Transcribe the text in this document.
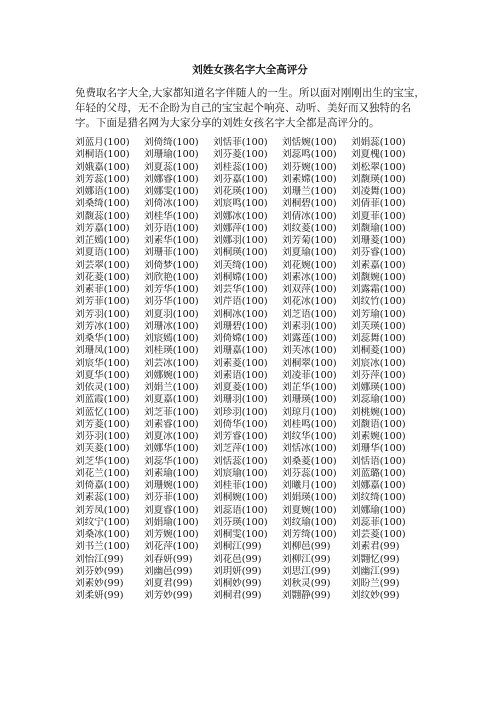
刘姓女孩名字大全高评分

免费取名字大全,大家都知道名字伴随人的一生。所以面对刚刚出生的宝宝，年轻的父母，无不企盼为自己的宝宝起个响亮、动听、美好而又独特的名字。下面是猎名网为大家分享的刘姓女孩名字大全都是高评分的。

刘蓝月(100)	刘倚绮(100)	刘恬菲(100)	刘恬婉(100)	刘娟蕊(100)
刘桐语(100)	刘珊瑜(100)	刘芬菱(100)	刘蕊鸣(100)	刘夏槐(100)
刘娥嘉(100)	刘夏蕊(100)	刘桂蕊(100)	刘芬婉(100)	刘松翠(100)
刘芳蕊(100)	刘娜睿(100)	刘芬嘉(100)	刘素嫦(100)	刘馥瑛(100)
刘娜语(100)	刘娜雯(100)	刘花瑛(100)	刘珊兰(100)	刘凌舞(100)
刘桑绮(100)	刘倚冰(100)	刘宸鸣(100)	刘桐碧(100)	刘倩菲(100)
刘馥蕊(100)	刘桂华(100)	刘娜冰(100)	刘倩冰(100)	刘夏菲(100)
刘芳嘉(100)	刘芬语(100)	刘娜萍(100)	刘纹菱(100)	刘馥瑜(100)
刘芷嫣(100)	刘素华(100)	刘娜羽(100)	刘芳菊(100)	刘珊菱(100)
刘夏语(100)	刘珊菲(100)	刘桐瑛(100)	刘夏瑜(100)	刘芬睿(100)
刘芸翠(100)	刘倚梦(100)	刘芙绮(100)	刘花婉(100)	刘素嘉(100)
刘花菱(100)	刘欣艳(100)	刘桐嫦(100)	刘素冰(100)	刘馥婉(100)
刘素菲(100)	刘芳华(100)	刘芸华(100)	刘双萍(100)	刘露霜(100)
刘芳菲(100)	刘芬华(100)	刘芹语(100)	刘花冰(100)	刘纹竹(100)
刘芳羽(100)	刘夏羽(100)	刘桐冰(100)	刘芝语(100)	刘芳瑜(100)
刘芳冰(100)	刘珊冰(100)	刘珊碧(100)	刘素羽(100)	刘芙瑛(100)
刘桑华(100)	刘宸嫣(100)	刘倚嫦(100)	刘露莲(100)	刘蕊舞(100)
刘珊凤(100)	刘桂瑛(100)	刘珊嘉(100)	刘芙冰(100)	刘桐菱(100)
刘宸华(100)	刘芸冰(100)	刘素菱(100)	刘桐翠(100)	刘宸冰(100)
刘夏华(100)	刘娜婉(100)	刘素语(100)	刘凌菲(100)	刘芬萍(100)
刘依灵(100)	刘娟兰(100)	刘夏菱(100)	刘芷华(100)	刘娜瑛(100)
刘蓝霞(100)	刘夏嘉(100)	刘珊羽(100)	刘珊瑛(100)	刘蕊瑜(100)
刘蓝忆(100)	刘芝菲(100)	刘珍羽(100)	刘琼月(100)	刘桃婉(100)
刘芳菱(100)	刘素睿(100)	刘倚华(100)	刘桂鸣(100)	刘馥语(100)
刘芬羽(100)	刘夏冰(100)	刘芳睿(100)	刘纹华(100)	刘素婉(100)
刘芙菱(100)	刘娜华(100)	刘芝萍(100)	刘恬冰(100)	刘珊华(100)
刘芝华(100)	刘蕊华(100)	刘恬蕊(100)	刘桑菱(100)	刘恬语(100)
刘花兰(100)	刘素瑜(100)	刘宸瑜(100)	刘芬蕊(100)	刘蓝璐(100)
刘倚嘉(100)	刘珊婉(100)	刘桂菲(100)	刘曦月(100)	刘娜嘉(100)
刘素蕊(100)	刘芬菲(100)	刘桐婉(100)	刘娟瑛(100)	刘纹绮(100)
刘芳凤(100)	刘夏睿(100)	刘蕊语(100)	刘夏婉(100)	刘娜瑜(100)
刘纹宁(100)	刘娟瑜(100)	刘芬瑛(100)	刘纹瑜(100)	刘蕊菲(100)
刘桑冰(100)	刘芳婉(100)	刘桐雯(100)	刘芳绮(100)	刘芸菱(100)
刘书兰(100)	刘花萍(100)	刘桐江(99)	刘柳邑(99)	刘素君(99)
刘怡江(99)	刘春妍(99)	刘花邑(99)	刘柳江(99)	刘翾忆(99)
刘芬妙(99)	刘幽邑(99)	刘玥妍(99)	刘思江(99)	刘幽江(99)
刘素妙(99)	刘夏君(99)	刘桐妙(99)	刘秋灵(99)	刘盼兰(99)
刘柔妍(99)	刘芳妙(99)	刘桐君(99)	刘翾静(99)	刘纹妙(99)
